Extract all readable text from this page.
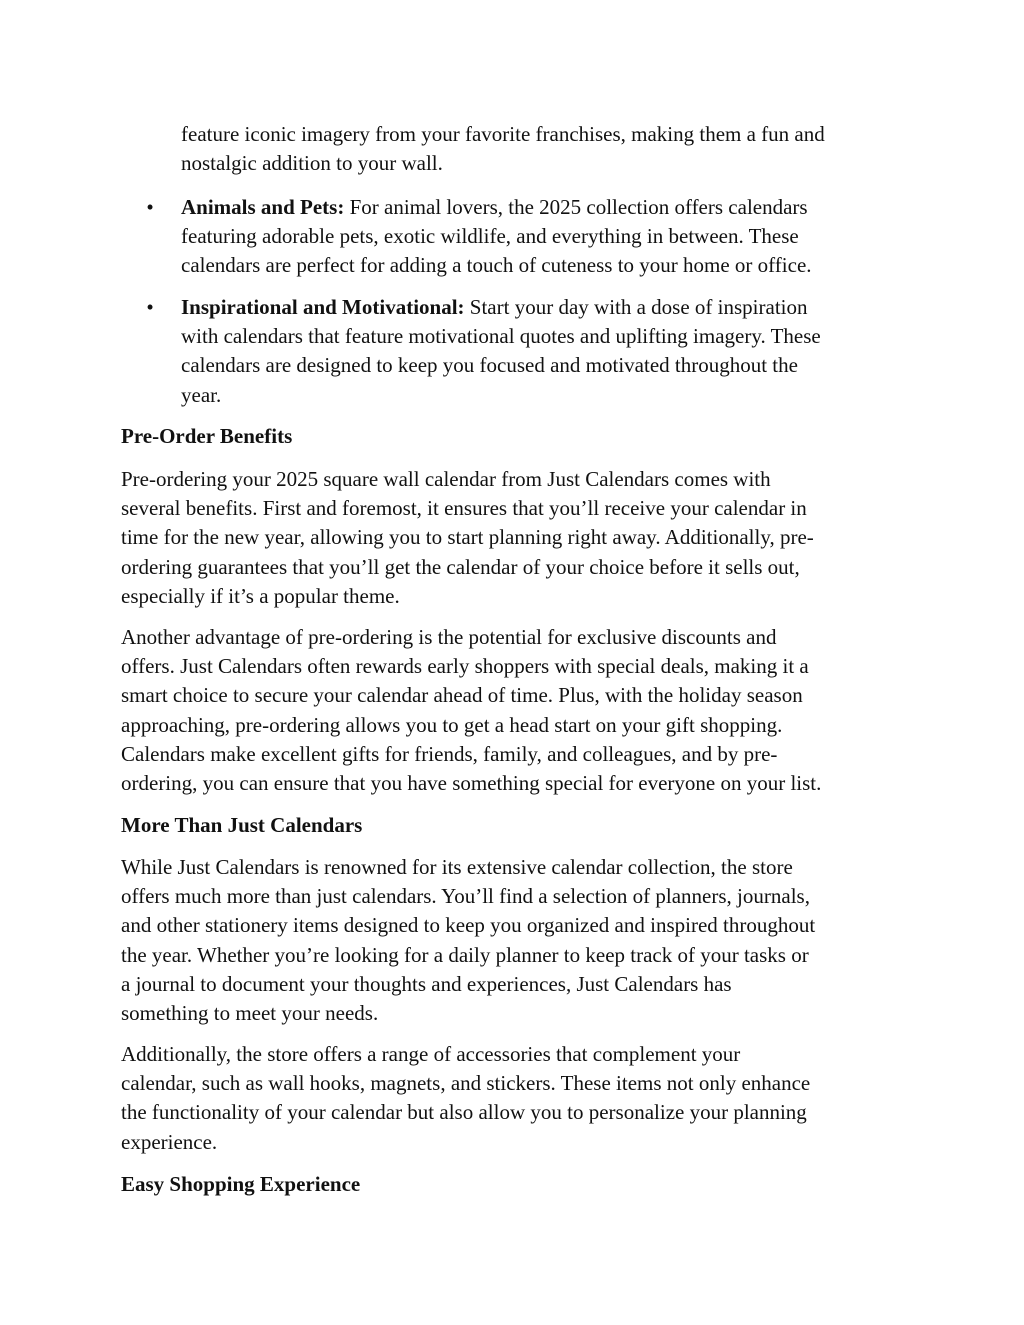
feature iconic imagery from your favorite franchises, making them a fun and
nostalgic addition to your wall.
• Animals and Pets: For animal lovers, the 2025 collection offers calendars
featuring adorable pets, exotic wildlife, and everything in between. These
calendars are perfect for adding a touch of cuteness to your home or office.
• Inspirational and Motivational: Start your day with a dose of inspiration
with calendars that feature motivational quotes and uplifting imagery. These
calendars are designed to keep you focused and motivated throughout the
year.
Pre-Order Benefits
Pre-ordering your 2025 square wall calendar from Just Calendars comes with
several benefits. First and foremost, it ensures that you’ll receive your calendar in
time for the new year, allowing you to start planning right away. Additionally, pre-
ordering guarantees that you’ll get the calendar of your choice before it sells out,
especially if it’s a popular theme.
Another advantage of pre-ordering is the potential for exclusive discounts and
offers. Just Calendars often rewards early shoppers with special deals, making it a
smart choice to secure your calendar ahead of time. Plus, with the holiday season
approaching, pre-ordering allows you to get a head start on your gift shopping.
Calendars make excellent gifts for friends, family, and colleagues, and by pre-
ordering, you can ensure that you have something special for everyone on your list.
More Than Just Calendars
While Just Calendars is renowned for its extensive calendar collection, the store
offers much more than just calendars. You’ll find a selection of planners, journals,
and other stationery items designed to keep you organized and inspired throughout
the year. Whether you’re looking for a daily planner to keep track of your tasks or
a journal to document your thoughts and experiences, Just Calendars has
something to meet your needs.
Additionally, the store offers a range of accessories that complement your
calendar, such as wall hooks, magnets, and stickers. These items not only enhance
the functionality of your calendar but also allow you to personalize your planning
experience.
Easy Shopping Experience
